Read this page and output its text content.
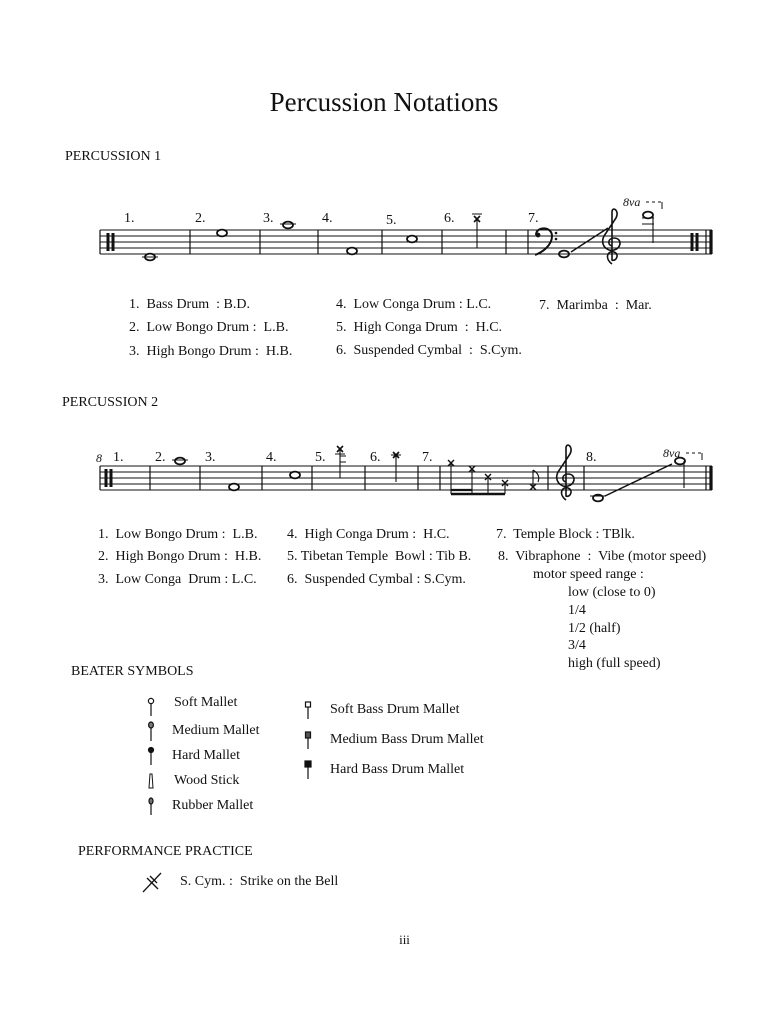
Percussion Notations
PERCUSSION 1
1.	2.	3.	4.	5.	6.	7.
8va
1.  Bass Drum  : B.D.
2.  Low Bongo Drum :  L.B.
3.  High Bongo Drum :  H.B.
4.  Low Conga Drum : L.C.
5.  High Conga Drum  :  H.C.
6.  Suspended Cymbal  :  S.Cym.
7.  Marimba  :  Mar.
PERCUSSION 2
8 1. 2.	3.	4.	5.	6.	7.	8.	8va
1.  Low Bongo Drum :  L.B.
2.  High Bongo Drum :  H.B.
3.  Low Conga  Drum : L.C.
4.  High Conga Drum :  H.C.
5. Tibetan Temple  Bowl : Tib B.
6.  Suspended Cymbal : S.Cym.
7.  Temple Block : TBlk.
8.  Vibraphone  :  Vibe (motor speed)
motor speed range :
low (close to 0)
1/4
1/2 (half)
3/4
high (full speed)
BEATER SYMBOLS
Soft Mallet
Medium Mallet
Hard Mallet
Wood Stick
Rubber Mallet
Soft Bass Drum Mallet
Medium Bass Drum Mallet
Hard Bass Drum Mallet
PERFORMANCE PRACTICE
S. Cym. :  Strike on the Bell
iii
